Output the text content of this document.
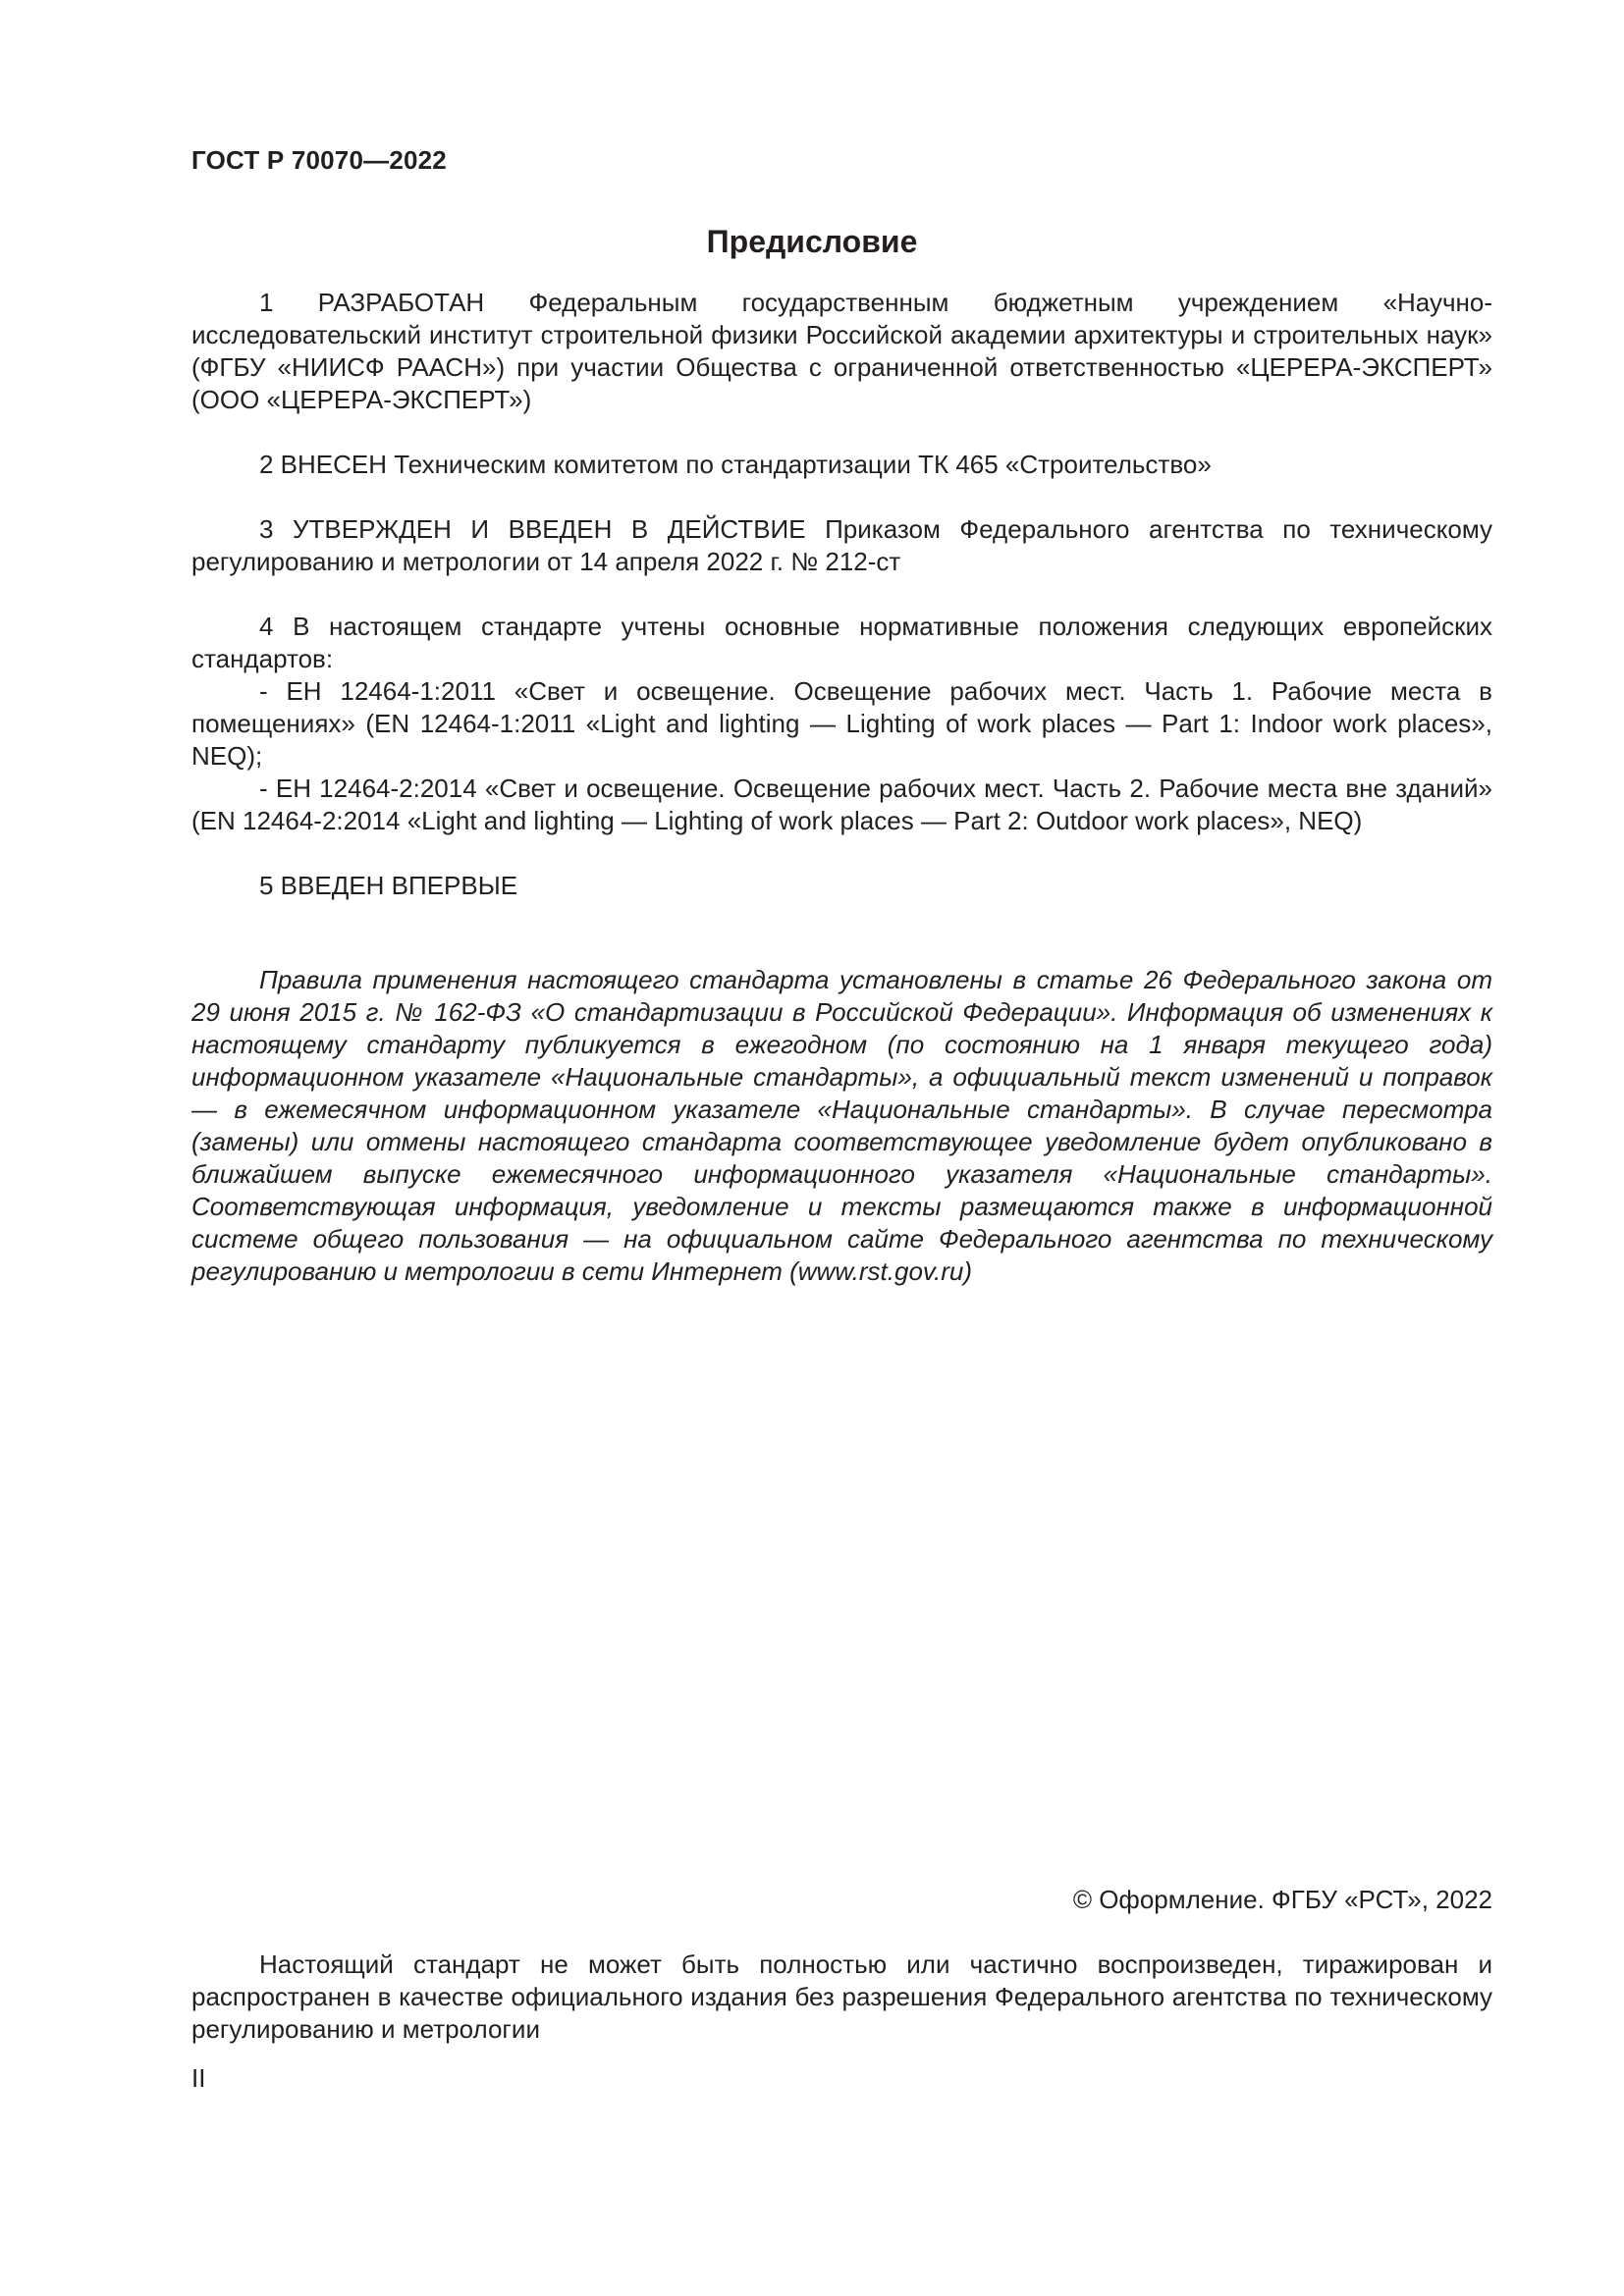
ГОСТ Р 70070—2022
Предисловие

1 РАЗРАБОТАН Федеральным государственным бюджетным учреждением «Научно-исследовательский институт строительной физики Российской академии архитектуры и строительных наук» (ФГБУ «НИИСФ РААСН») при участии Общества с ограниченной ответственностью «ЦЕРЕРА-ЭКСПЕРТ» (ООО «ЦЕРЕРА-ЭКСПЕРТ»)

2 ВНЕСЕН Техническим комитетом по стандартизации ТК 465 «Строительство»

3 УТВЕРЖДЕН И ВВЕДЕН В ДЕЙСТВИЕ Приказом Федерального агентства по техническому регулированию и метрологии от 14 апреля 2022 г. № 212-ст

4 В настоящем стандарте учтены основные нормативные положения следующих европейских стандартов:

- ЕН 12464-1:2011 «Свет и освещение. Освещение рабочих мест. Часть 1. Рабочие места в помещениях» (EN 12464-1:2011 «Light and lighting — Lighting of work places — Part 1: Indoor work places», NEQ);

- ЕН 12464-2:2014 «Свет и освещение. Освещение рабочих мест. Часть 2. Рабочие места вне зданий» (EN 12464-2:2014 «Light and lighting — Lighting of work places — Part 2: Outdoor work places», NEQ)

5 ВВЕДЕН ВПЕРВЫЕ

Правила применения настоящего стандарта установлены в статье 26 Федерального закона от 29 июня 2015 г. № 162-ФЗ «О стандартизации в Российской Федерации». Информация об изменениях к настоящему стандарту публикуется в ежегодном (по состоянию на 1 января текущего года) информационном указателе «Национальные стандарты», а официальный текст изменений и поправок — в ежемесячном информационном указателе «Национальные стандарты». В случае пересмотра (замены) или отмены настоящего стандарта соответствующее уведомление будет опубликовано в ближайшем выпуске ежемесячного информационного указателя «Национальные стандарты». Соответствующая информация, уведомление и тексты размещаются также в информационной системе общего пользования — на официальном сайте Федерального агентства по техническому регулированию и метрологии в сети Интернет (www.rst.gov.ru)

© Оформление. ФГБУ «РСТ», 2022

Настоящий стандарт не может быть полностью или частично воспроизведен, тиражирован и распространен в качестве официального издания без разрешения Федерального агентства по техническому регулированию и метрологии

II
